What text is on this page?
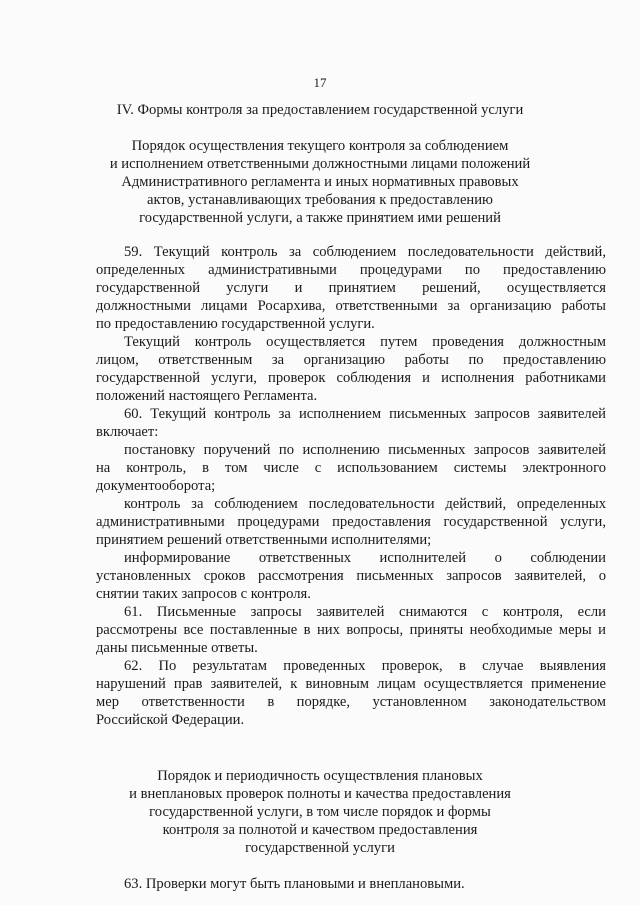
17
IV. Формы контроля за предоставлением государственной услуги
Порядок осуществления текущего контроля за соблюдением
и исполнением ответственными должностными лицами положений
Административного регламента и иных нормативных правовых
актов, устанавливающих требования к предоставлению
государственной услуги, а также принятием ими решений
59. Текущий контроль за соблюдением последовательности действий,
определенных административными процедурами по предоставлению
государственной услуги и принятием решений, осуществляется
должностными лицами Росархива, ответственными за организацию работы
по предоставлению государственной услуги.
Текущий контроль осуществляется путем проведения должностным
лицом, ответственным за организацию работы по предоставлению
государственной услуги, проверок соблюдения и исполнения работниками
положений настоящего Регламента.
60. Текущий контроль за исполнением письменных запросов заявителей
включает:
постановку поручений по исполнению письменных запросов заявителей
на контроль, в том числе с использованием системы электронного
документооборота;
контроль за соблюдением последовательности действий, определенных
административными процедурами предоставления государственной услуги,
принятием решений ответственными исполнителями;
информирование ответственных исполнителей о соблюдении
установленных сроков рассмотрения письменных запросов заявителей, о
снятии таких запросов с контроля.
61. Письменные запросы заявителей снимаются с контроля, если
рассмотрены все поставленные в них вопросы, приняты необходимые меры и
даны письменные ответы.
62. По результатам проведенных проверок, в случае выявления
нарушений прав заявителей, к виновным лицам осуществляется применение
мер ответственности в порядке, установленном законодательством
Российской Федерации.
Порядок и периодичность осуществления плановых
и внеплановых проверок полноты и качества предоставления
государственной услуги, в том числе порядок и формы
контроля за полнотой и качеством предоставления
государственной услуги
63. Проверки могут быть плановыми и внеплановыми.
